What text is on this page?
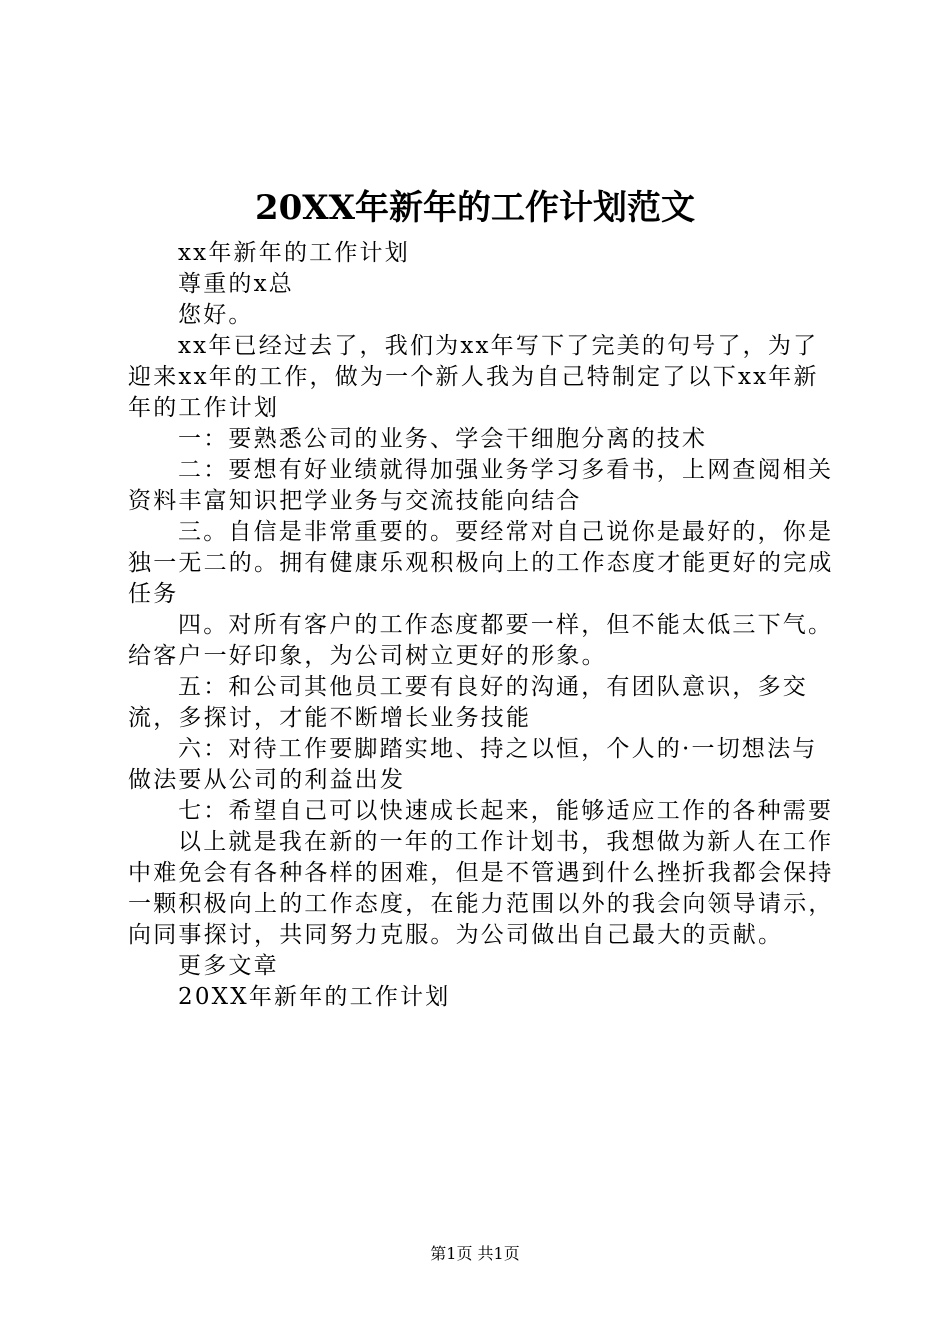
20XX年新年的工作计划范文

xx年新年的工作计划

尊重的x总

您好。

xx年已经过去了，我们为xx年写下了完美的句号了，为了迎来xx年的工作，做为一个新人我为自己特制定了以下xx年新年的工作计划

一：要熟悉公司的业务、学会干细胞分离的技术

二：要想有好业绩就得加强业务学习多看书，上网查阅相关资料丰富知识把学业务与交流技能向结合

三。自信是非常重要的。要经常对自己说你是最好的，你是独一无二的。拥有健康乐观积极向上的工作态度才能更好的完成任务

四。对所有客户的工作态度都要一样，但不能太低三下气。给客户一好印象，为公司树立更好的形象。

五：和公司其他员工要有良好的沟通，有团队意识，多交流，多探讨，才能不断增长业务技能

六：对待工作要脚踏实地、持之以恒，个人的·一切想法与做法要从公司的利益出发

七：希望自己可以快速成长起来，能够适应工作的各种需要

以上就是我在新的一年的工作计划书，我想做为新人在工作中难免会有各种各样的困难，但是不管遇到什么挫折我都会保持一颗积极向上的工作态度，在能力范围以外的我会向领导请示，向同事探讨，共同努力克服。为公司做出自己最大的贡献。

更多文章

20XX年新年的工作计划

第1页 共1页
